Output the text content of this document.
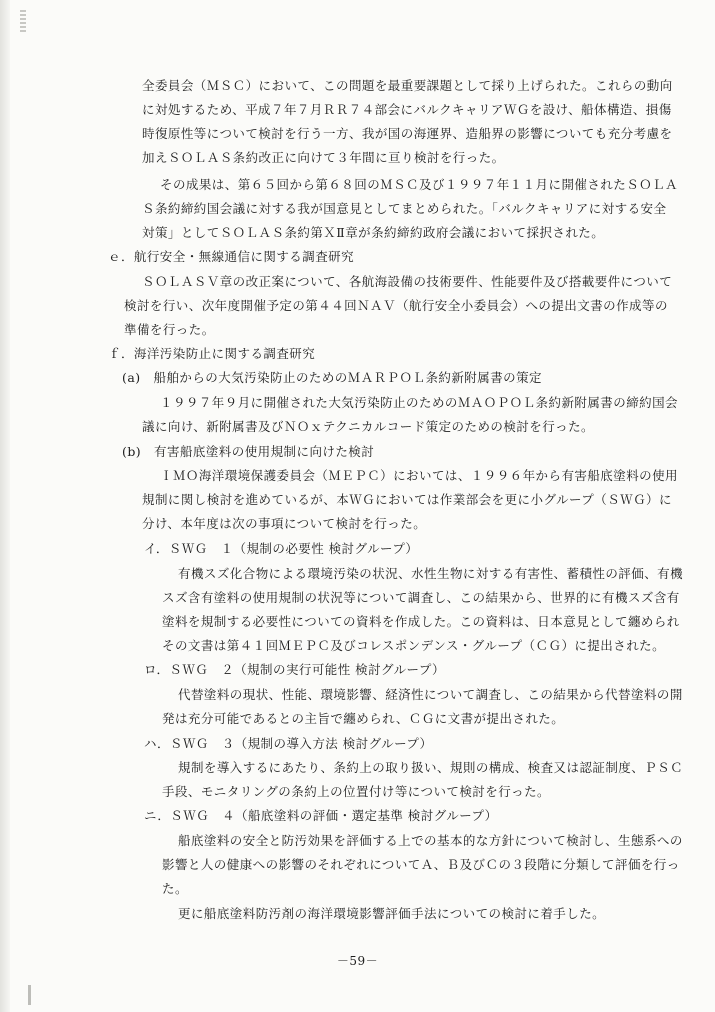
全委員会（ＭＳＣ）において、この問題を最重要課題として採り上げられた。これらの動向
に対処するため、平成７年７月ＲＲ７４部会にバルクキャリアＷＧを設け、船体構造、損傷
時復原性等について検討を行う一方、我が国の海運界、造船界の影響についても充分考慮を
加えＳＯＬＡＳ条約改正に向けて３年間に亘り検討を行った。
その成果は、第６５回から第６８回のＭＳＣ及び１９９７年１１月に開催されたＳＯＬＡ
Ｓ条約締約国会議に対する我が国意見としてまとめられた。「バルクキャリアに対する安全
対策」としてＳＯＬＡＳ条約第ＸⅡ章が条約締約政府会議において採択された。
ｅ．航行安全・無線通信に関する調査研究
ＳＯＬＡＳＶ章の改正案について、各航海設備の技術要件、性能要件及び搭載要件について
検討を行い、次年度開催予定の第４４回ＮＡＶ（航行安全小委員会）への提出文書の作成等の
準備を行った。
ｆ．海洋汚染防止に関する調査研究
(a)　船舶からの大気汚染防止のためのＭＡＲＰＯＬ条約新附属書の策定
１９９７年９月に開催された大気汚染防止のためのＭＡＯＰＯＬ条約新附属書の締約国会
議に向け、新附属書及びＮＯｘテクニカルコード策定のための検討を行った。
(b)　有害船底塗料の使用規制に向けた検討
ＩＭＯ海洋環境保護委員会（ＭＥＰＣ）においては、１９９６年から有害船底塗料の使用
規制に関し検討を進めているが、本ＷＧにおいては作業部会を更に小グループ（ＳＷＧ）に
分け、本年度は次の事項について検討を行った。
イ．ＳＷＧ　１（規制の必要性 検討グループ）
有機スズ化合物による環境汚染の状況、水性生物に対する有害性、蓄積性の評価、有機
スズ含有塗料の使用規制の状況等について調査し、この結果から、世界的に有機スズ含有
塗料を規制する必要性についての資料を作成した。この資料は、日本意見として纏められ
その文書は第４１回ＭＥＰＣ及びコレスポンデンス・グループ（ＣＧ）に提出された。
ロ．ＳＷＧ　２（規制の実行可能性 検討グループ）
代替塗料の現状、性能、環境影響、経済性について調査し、この結果から代替塗料の開
発は充分可能であるとの主旨で纏められ、ＣＧに文書が提出された。
ハ．ＳＷＧ　３（規制の導入方法 検討グループ）
規制を導入するにあたり、条約上の取り扱い、規則の構成、検査又は認証制度、ＰＳＣ
手段、モニタリングの条約上の位置付け等について検討を行った。
ニ．ＳＷＧ　４（船底塗料の評価・選定基準 検討グループ）
船底塗料の安全と防汚効果を評価する上での基本的な方針について検討し、生態系への
影響と人の健康への影響のそれぞれについてＡ、Ｂ及びＣの３段階に分類して評価を行っ
た。
更に船底塗料防汚剤の海洋環境影響評価手法についての検討に着手した。
－59－
